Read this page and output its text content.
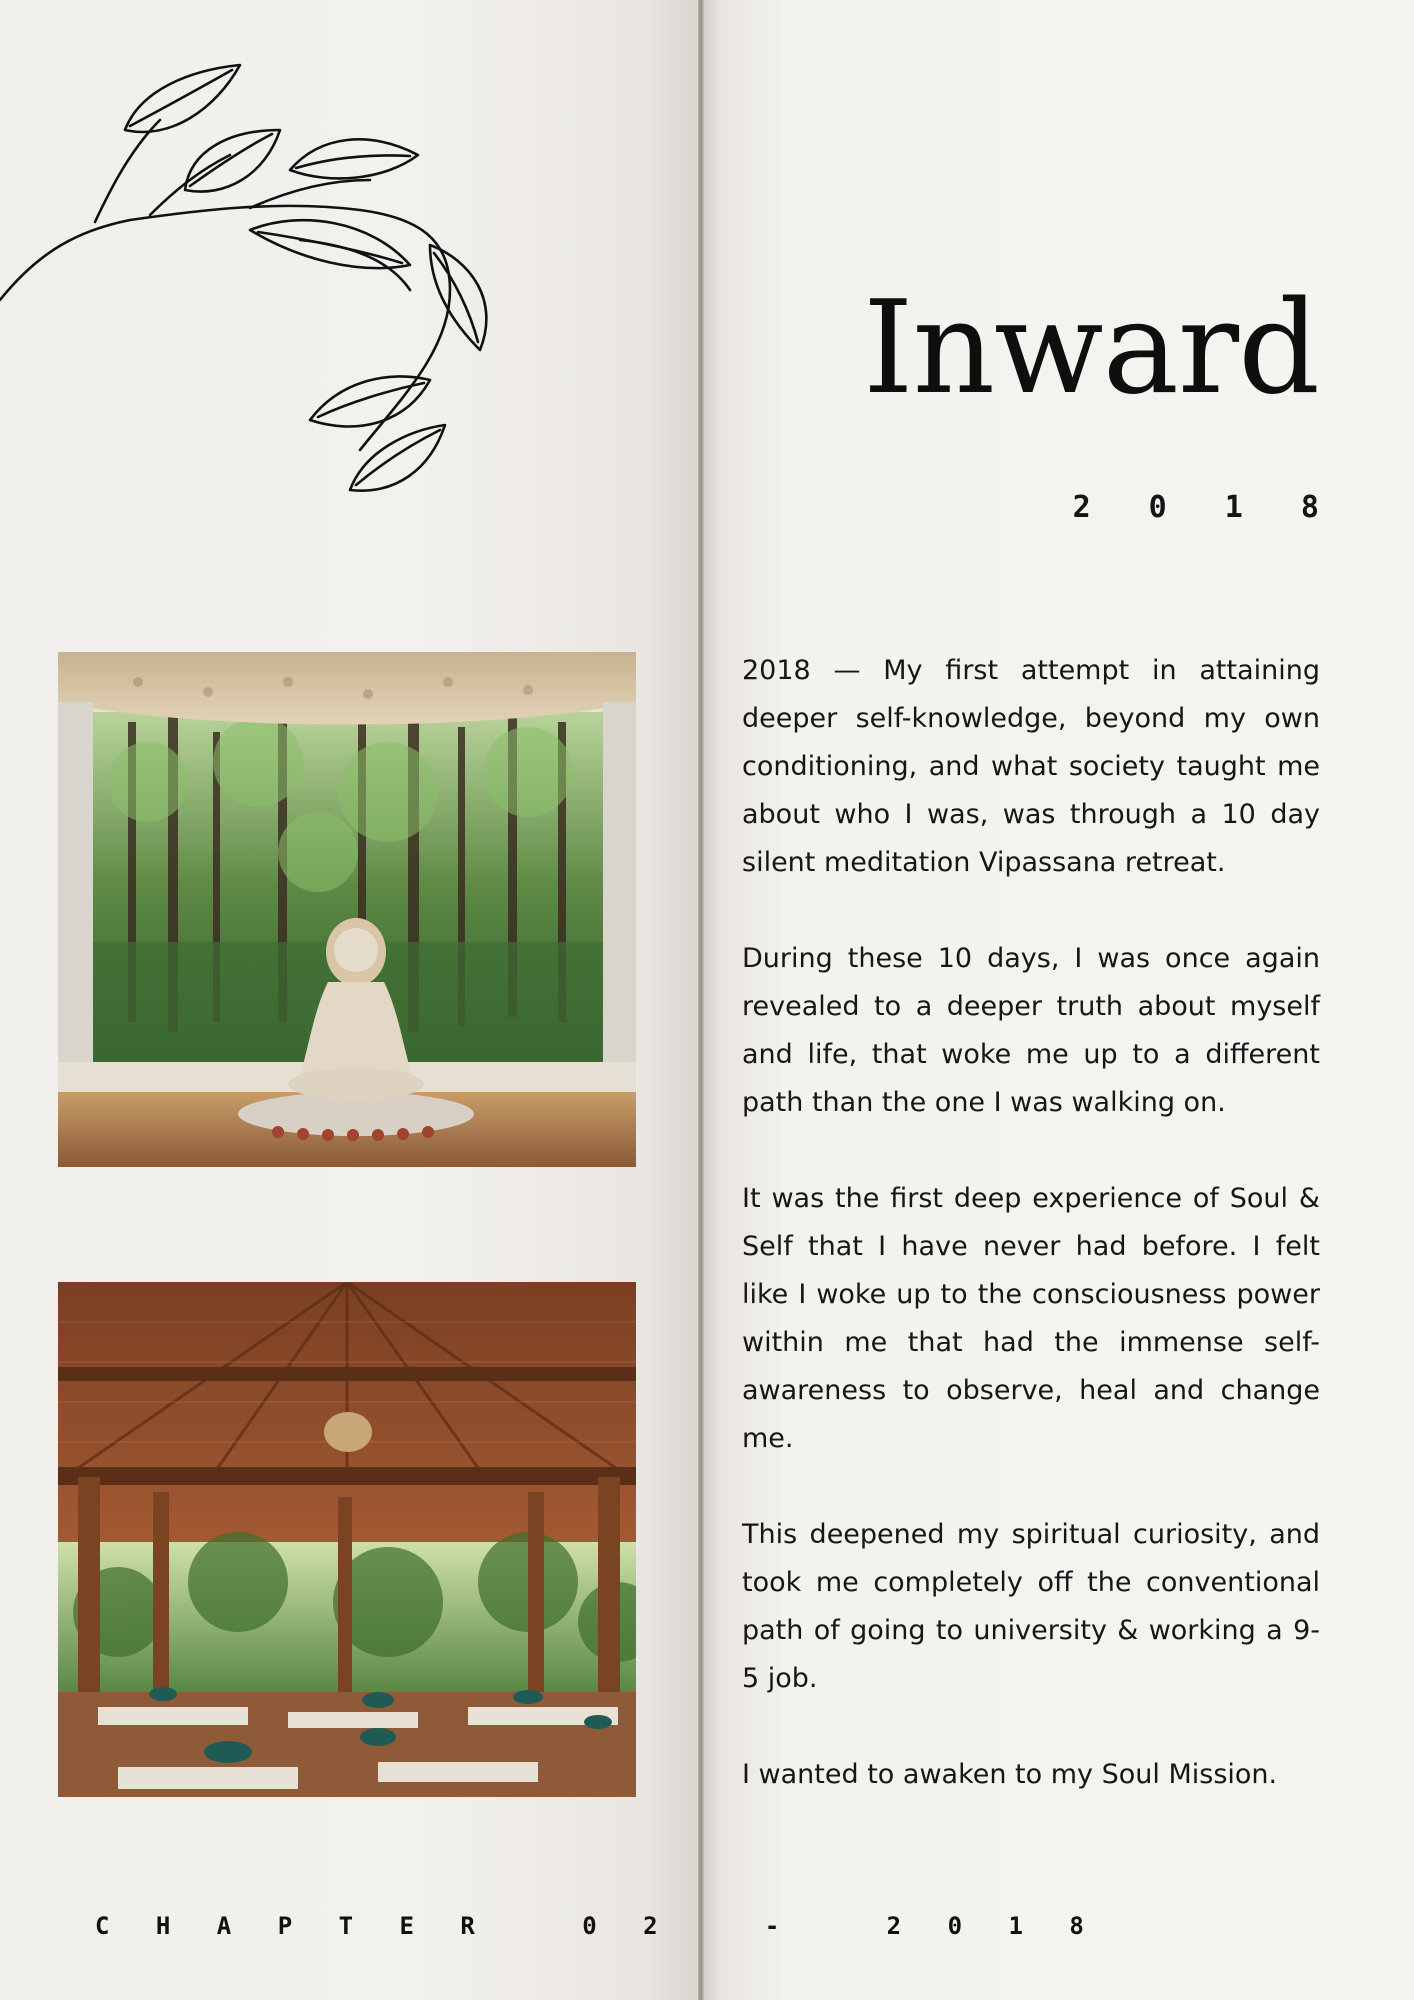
Inward
2 0 1 8

2018 — My first attempt in attaining deeper self-knowledge, beyond my own conditioning, and what society taught me about who I was, was through a 10 day silent meditation Vipassana retreat.

During these 10 days, I was once again revealed to a deeper truth about myself and life, that woke me up to a different path than the one I was walking on.

It was the first deep experience of Soul & Self that I have never had before. I felt like I woke up to the consciousness power within me that had the immense self-awareness to observe, heal and change me.

This deepened my spiritual curiosity, and took me completely off the conventional path of going to university & working a 9-5 job.

I wanted to awaken to my Soul Mission.

C H A P T E R   0 2   -   2 0 1 8
